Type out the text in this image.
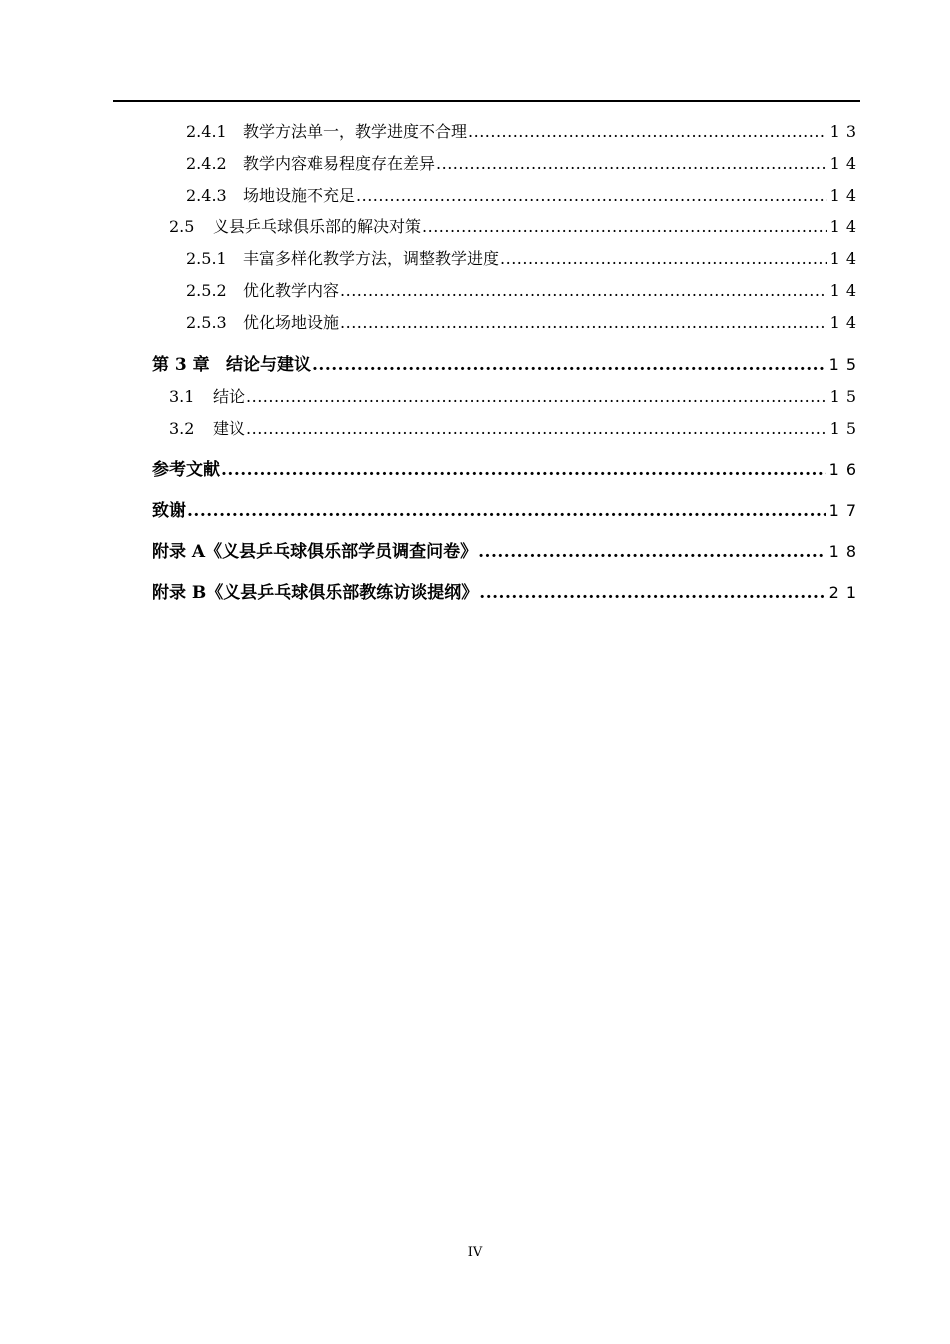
2.4.1	教学方法单一，教学进度不合理 .....	13
2.4.2	教学内容难易程度存在差异 .....	14
2.4.3	场地设施不充足 .....	14
2.5	义县乒乓球俱乐部的解决对策 .....	14
2.5.1	丰富多样化教学方法，调整教学进度 .....	14
2.5.2	优化教学内容 .....	14
2.5.3	优化场地设施 .....	14
第 3 章 结论与建议 .....	15
3.1	结论 .....	15
3.2	建议 .....	15
参考文献 .....	16
致谢 .....	17
附录 A《义县乒乓球俱乐部学员调查问卷》 .....	18
附录 B《义县乒乓球俱乐部教练访谈提纲》 .....	21
IV
